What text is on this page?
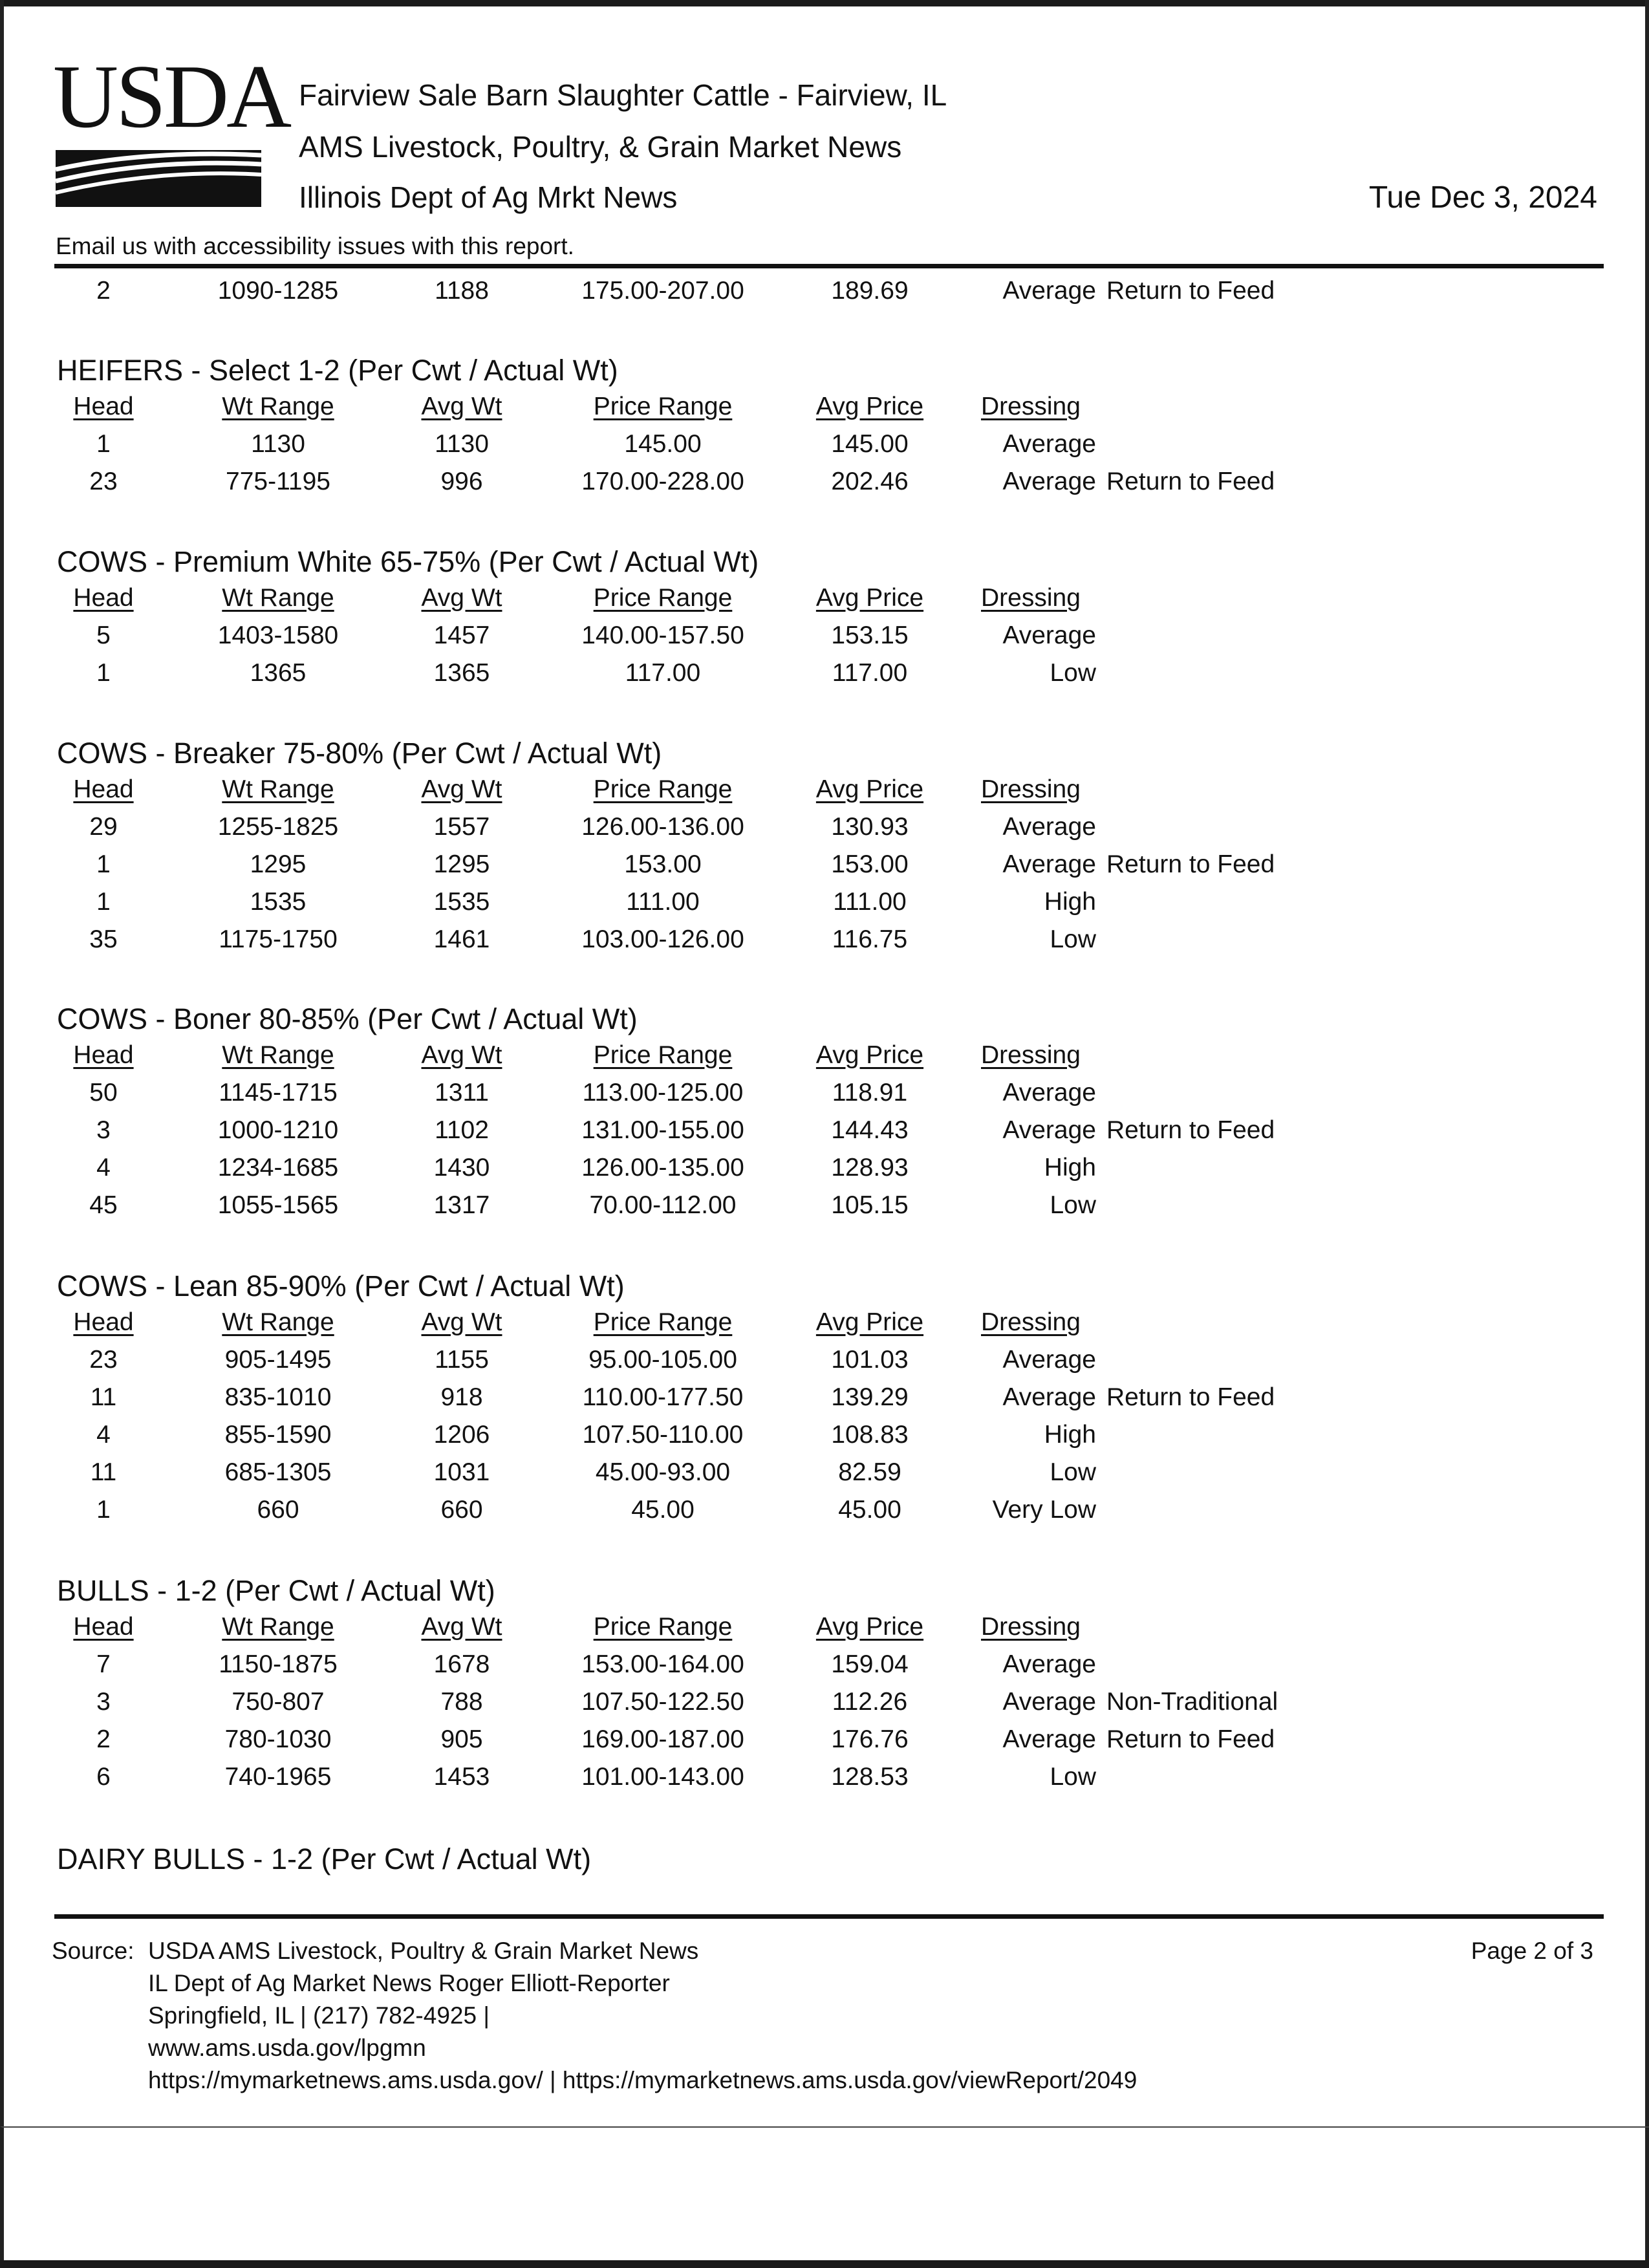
USDA Fairview Sale Barn Slaughter Cattle - Fairview, IL
AMS Livestock, Poultry, & Grain Market News
Illinois Dept of Ag Mrkt News	Tue Dec 3, 2024
Email us with accessibility issues with this report.
2	1090-1285	1188	175.00-207.00	189.69	Average Return to Feed
HEIFERS - Select 1-2 (Per Cwt / Actual Wt)
Head	Wt Range	Avg Wt	Price Range	Avg Price	Dressing
1	1130	1130	145.00	145.00	Average
23	775-1195	996	170.00-228.00	202.46	Average Return to Feed
COWS - Premium White 65-75% (Per Cwt / Actual Wt)
Head	Wt Range	Avg Wt	Price Range	Avg Price	Dressing
5	1403-1580	1457	140.00-157.50	153.15	Average
1	1365	1365	117.00	117.00	Low
COWS - Breaker 75-80% (Per Cwt / Actual Wt)
Head	Wt Range	Avg Wt	Price Range	Avg Price	Dressing
29	1255-1825	1557	126.00-136.00	130.93	Average
1	1295	1295	153.00	153.00	Average Return to Feed
1	1535	1535	111.00	111.00	High
35	1175-1750	1461	103.00-126.00	116.75	Low
COWS - Boner 80-85% (Per Cwt / Actual Wt)
Head	Wt Range	Avg Wt	Price Range	Avg Price	Dressing
50	1145-1715	1311	113.00-125.00	118.91	Average
3	1000-1210	1102	131.00-155.00	144.43	Average Return to Feed
4	1234-1685	1430	126.00-135.00	128.93	High
45	1055-1565	1317	70.00-112.00	105.15	Low
COWS - Lean 85-90% (Per Cwt / Actual Wt)
Head	Wt Range	Avg Wt	Price Range	Avg Price	Dressing
23	905-1495	1155	95.00-105.00	101.03	Average
11	835-1010	918	110.00-177.50	139.29	Average Return to Feed
4	855-1590	1206	107.50-110.00	108.83	High
11	685-1305	1031	45.00-93.00	82.59	Low
1	660	660	45.00	45.00	Very Low
BULLS - 1-2 (Per Cwt / Actual Wt)
Head	Wt Range	Avg Wt	Price Range	Avg Price	Dressing
7	1150-1875	1678	153.00-164.00	159.04	Average
3	750-807	788	107.50-122.50	112.26	Average Non-Traditional
2	780-1030	905	169.00-187.00	176.76	Average Return to Feed
6	740-1965	1453	101.00-143.00	128.53	Low
DAIRY BULLS - 1-2 (Per Cwt / Actual Wt)
Source: USDA AMS Livestock, Poultry & Grain Market News
IL Dept of Ag Market News Roger Elliott-Reporter
Springfield, IL | (217) 782-4925 |
www.ams.usda.gov/lpgmn
https://mymarketnews.ams.usda.gov/ | https://mymarketnews.ams.usda.gov/viewReport/2049
Page 2 of 3
